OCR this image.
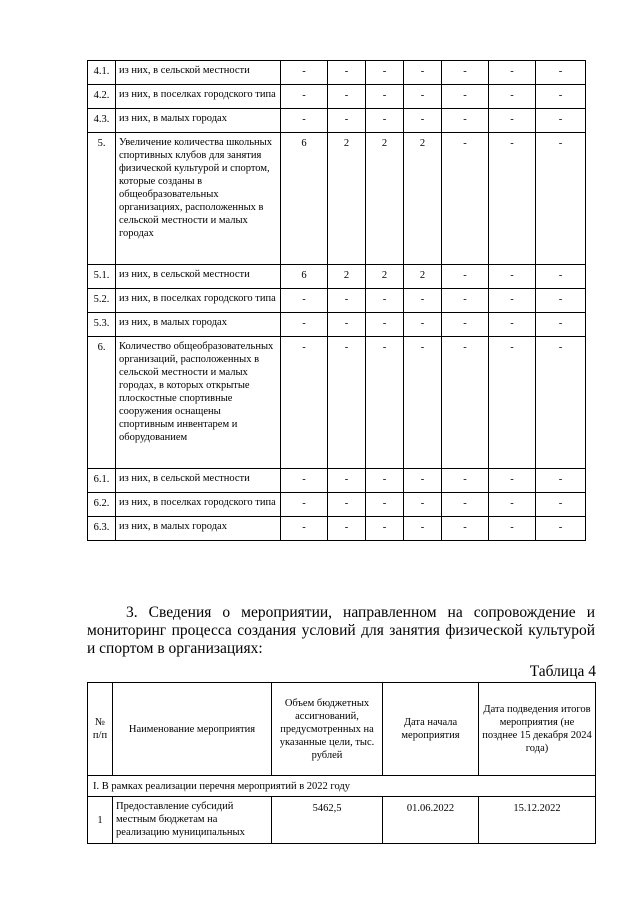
4.1.	из них, в сельской местности	-	-	-	-	-	-	-
4.2.	из них, в поселках городского типа	-	-	-	-	-	-	-
4.3.	из них, в малых городах	-	-	-	-	-	-	-
5.	Увеличение количества школьных спортивных клубов для занятия физической культурой и спортом, которые созданы в общеобразовательных организациях, расположенных в сельской местности и малых городах	6	2	2	2	-	-	-
5.1.	из них, в сельской местности	6	2	2	2	-	-	-
5.2.	из них, в поселках городского типа	-	-	-	-	-	-	-
5.3.	из них, в малых городах	-	-	-	-	-	-	-
6.	Количество общеобразовательных организаций, расположенных в сельской местности и малых городах, в которых открытые плоскостные спортивные сооружения оснащены спортивным инвентарем и оборудованием	-	-	-	-	-	-	-
6.1.	из них, в сельской местности	-	-	-	-	-	-	-
6.2.	из них, в поселках городского типа	-	-	-	-	-	-	-
6.3.	из них, в малых городах	-	-	-	-	-	-	-
3. Сведения о мероприятии, направленном на сопровождение и мониторинг процесса создания условий для занятия физической культурой и спортом в организациях:
Таблица 4
№
п/п	Наименование мероприятия	Объем бюджетных ассигнований, предусмотренных на указанные цели, тыс. рублей	Дата начала мероприятия	Дата подведения итогов мероприятия (не позднее 15 декабря 2024 года)
I. В рамках реализации перечня мероприятий в 2022 году				
1	Предоставление субсидий местным бюджетам на реализацию муниципальных	5462,5	01.06.2022	15.12.2022
